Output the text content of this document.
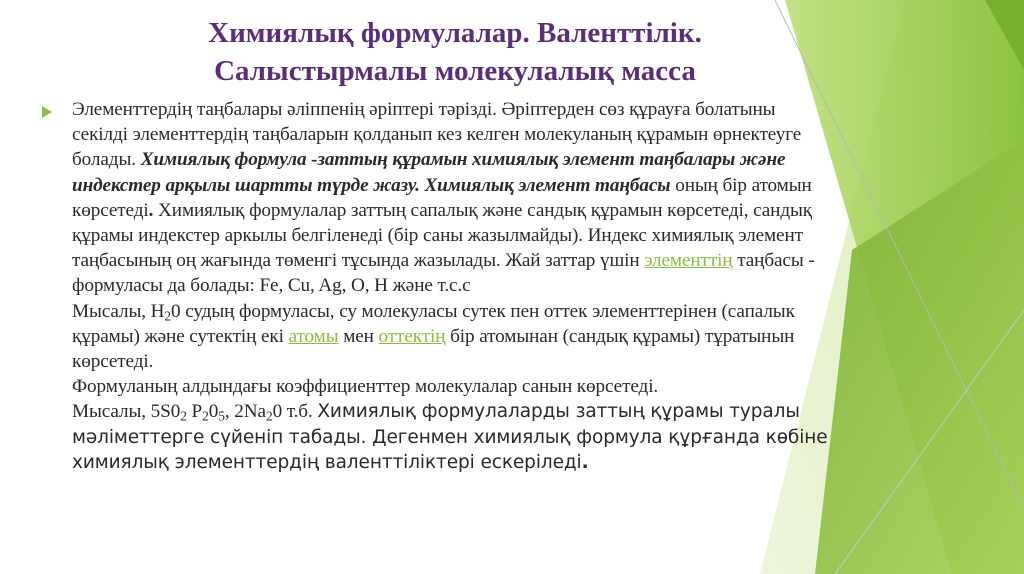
Химиялық формулалар. Валенттілік.
Салыстырмалы молекулалық масса

Элементтердің таңбалары әліппенің әріптері тәрізді. Әріптерден сөз құрауға болатыны секілді элементтердің таңбаларын қолданып кез келген молекуланың құрамын өрнектеуге болады. Химиялық формула -заттың құрамын химиялық элемент таңбалары және индекстер арқылы шартты түрде жазу. Химиялық элемент таңбасы оның бір атомын көрсетеді. Химиялық формулалар заттың сапалық және сандық құрамын көрсетеді, сандық құрамы индекстер аркылы белгіленеді (бір саны жазылмайды). Индекс химиялық элемент таңбасының оң жағында төменгі тұсында жазылады. Жай заттар үшін элементтің таңбасы - формуласы да болады: Fe, Cu, Ag, O, H және т.с.с

Мысалы, $H_20$ судың формуласы, су молекуласы сутек пен оттек элементтерінен (сапалык құрамы) және сутектің екі атомы мен оттектің бір атомынан (сандық құрамы) тұратынын көрсетеді.

Формуланың алдындағы коэффициенттер молекулалар санын көрсетеді.

Мысалы, $5S0_2$ $P_20_5$, $2Na_20$ т.б. Химиялық формулаларды заттың құрамы туралы мәліметтерге сүйеніп табады. Дегенмен химиялық формула құрғанда көбіне химиялық элементтердің валенттіліктері ескеріледі.
